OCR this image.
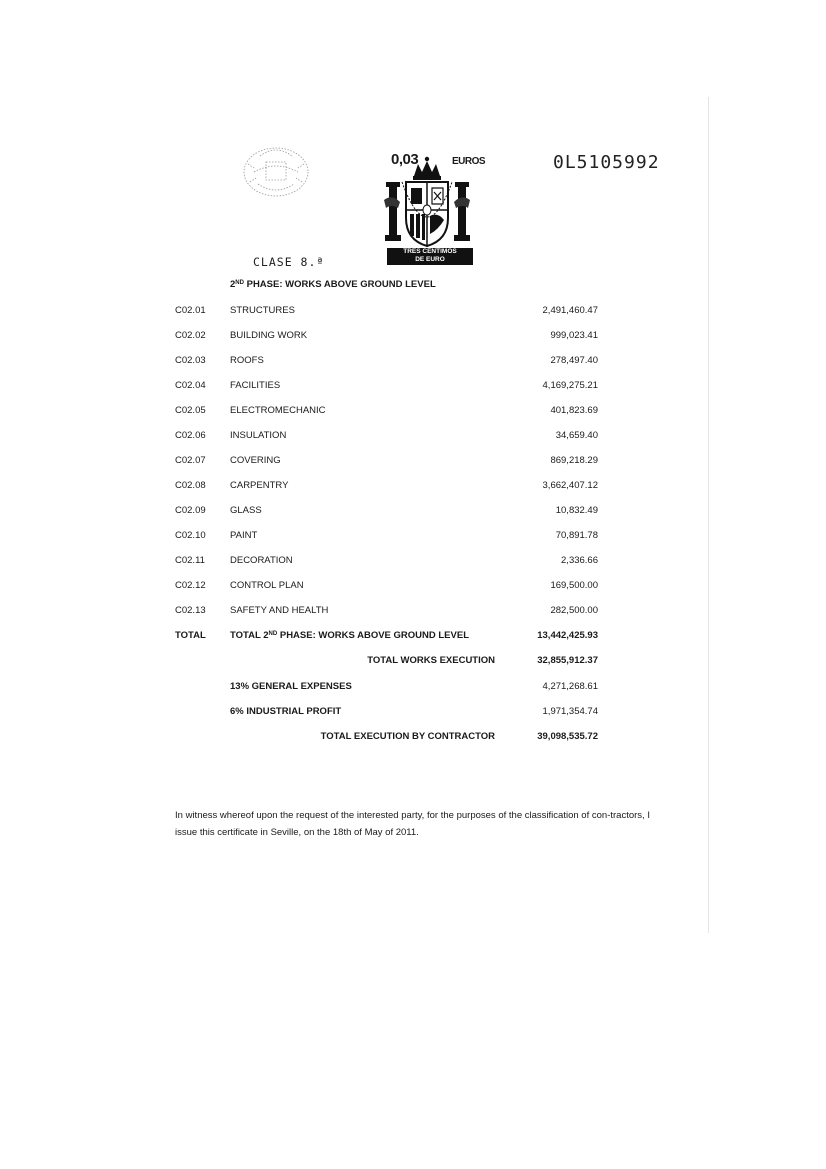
0,03	EUROS
TRES CÉNTIMOS
DE EURO
0L5105992
CLASE 8.ª
2ND PHASE: WORKS ABOVE GROUND LEVEL
C02.01	STRUCTURES	2,491,460.47
C02.02	BUILDING WORK	999,023.41
C02.03	ROOFS	278,497.40
C02.04	FACILITIES	4,169,275.21
C02.05	ELECTROMECHANIC	401,823.69
C02.06	INSULATION	34,659.40
C02.07	COVERING	869,218.29
C02.08	CARPENTRY	3,662,407.12
C02.09	GLASS	10,832.49
C02.10	PAINT	70,891.78
C02.11	DECORATION	2,336.66
C02.12	CONTROL PLAN	169,500.00
C02.13	SAFETY AND HEALTH	282,500.00
TOTAL	TOTAL 2ND PHASE: WORKS ABOVE GROUND LEVEL	13,442,425.93
TOTAL WORKS EXECUTION	32,855,912.37
13% GENERAL EXPENSES	4,271,268.61
6% INDUSTRIAL PROFIT	1,971,354.74
TOTAL EXECUTION BY CONTRACTOR	39,098,535.72
In witness whereof upon the request of the interested party, for the purposes of the classification of con-tractors, I issue this certificate in Seville, on the 18th of May of 2011.
